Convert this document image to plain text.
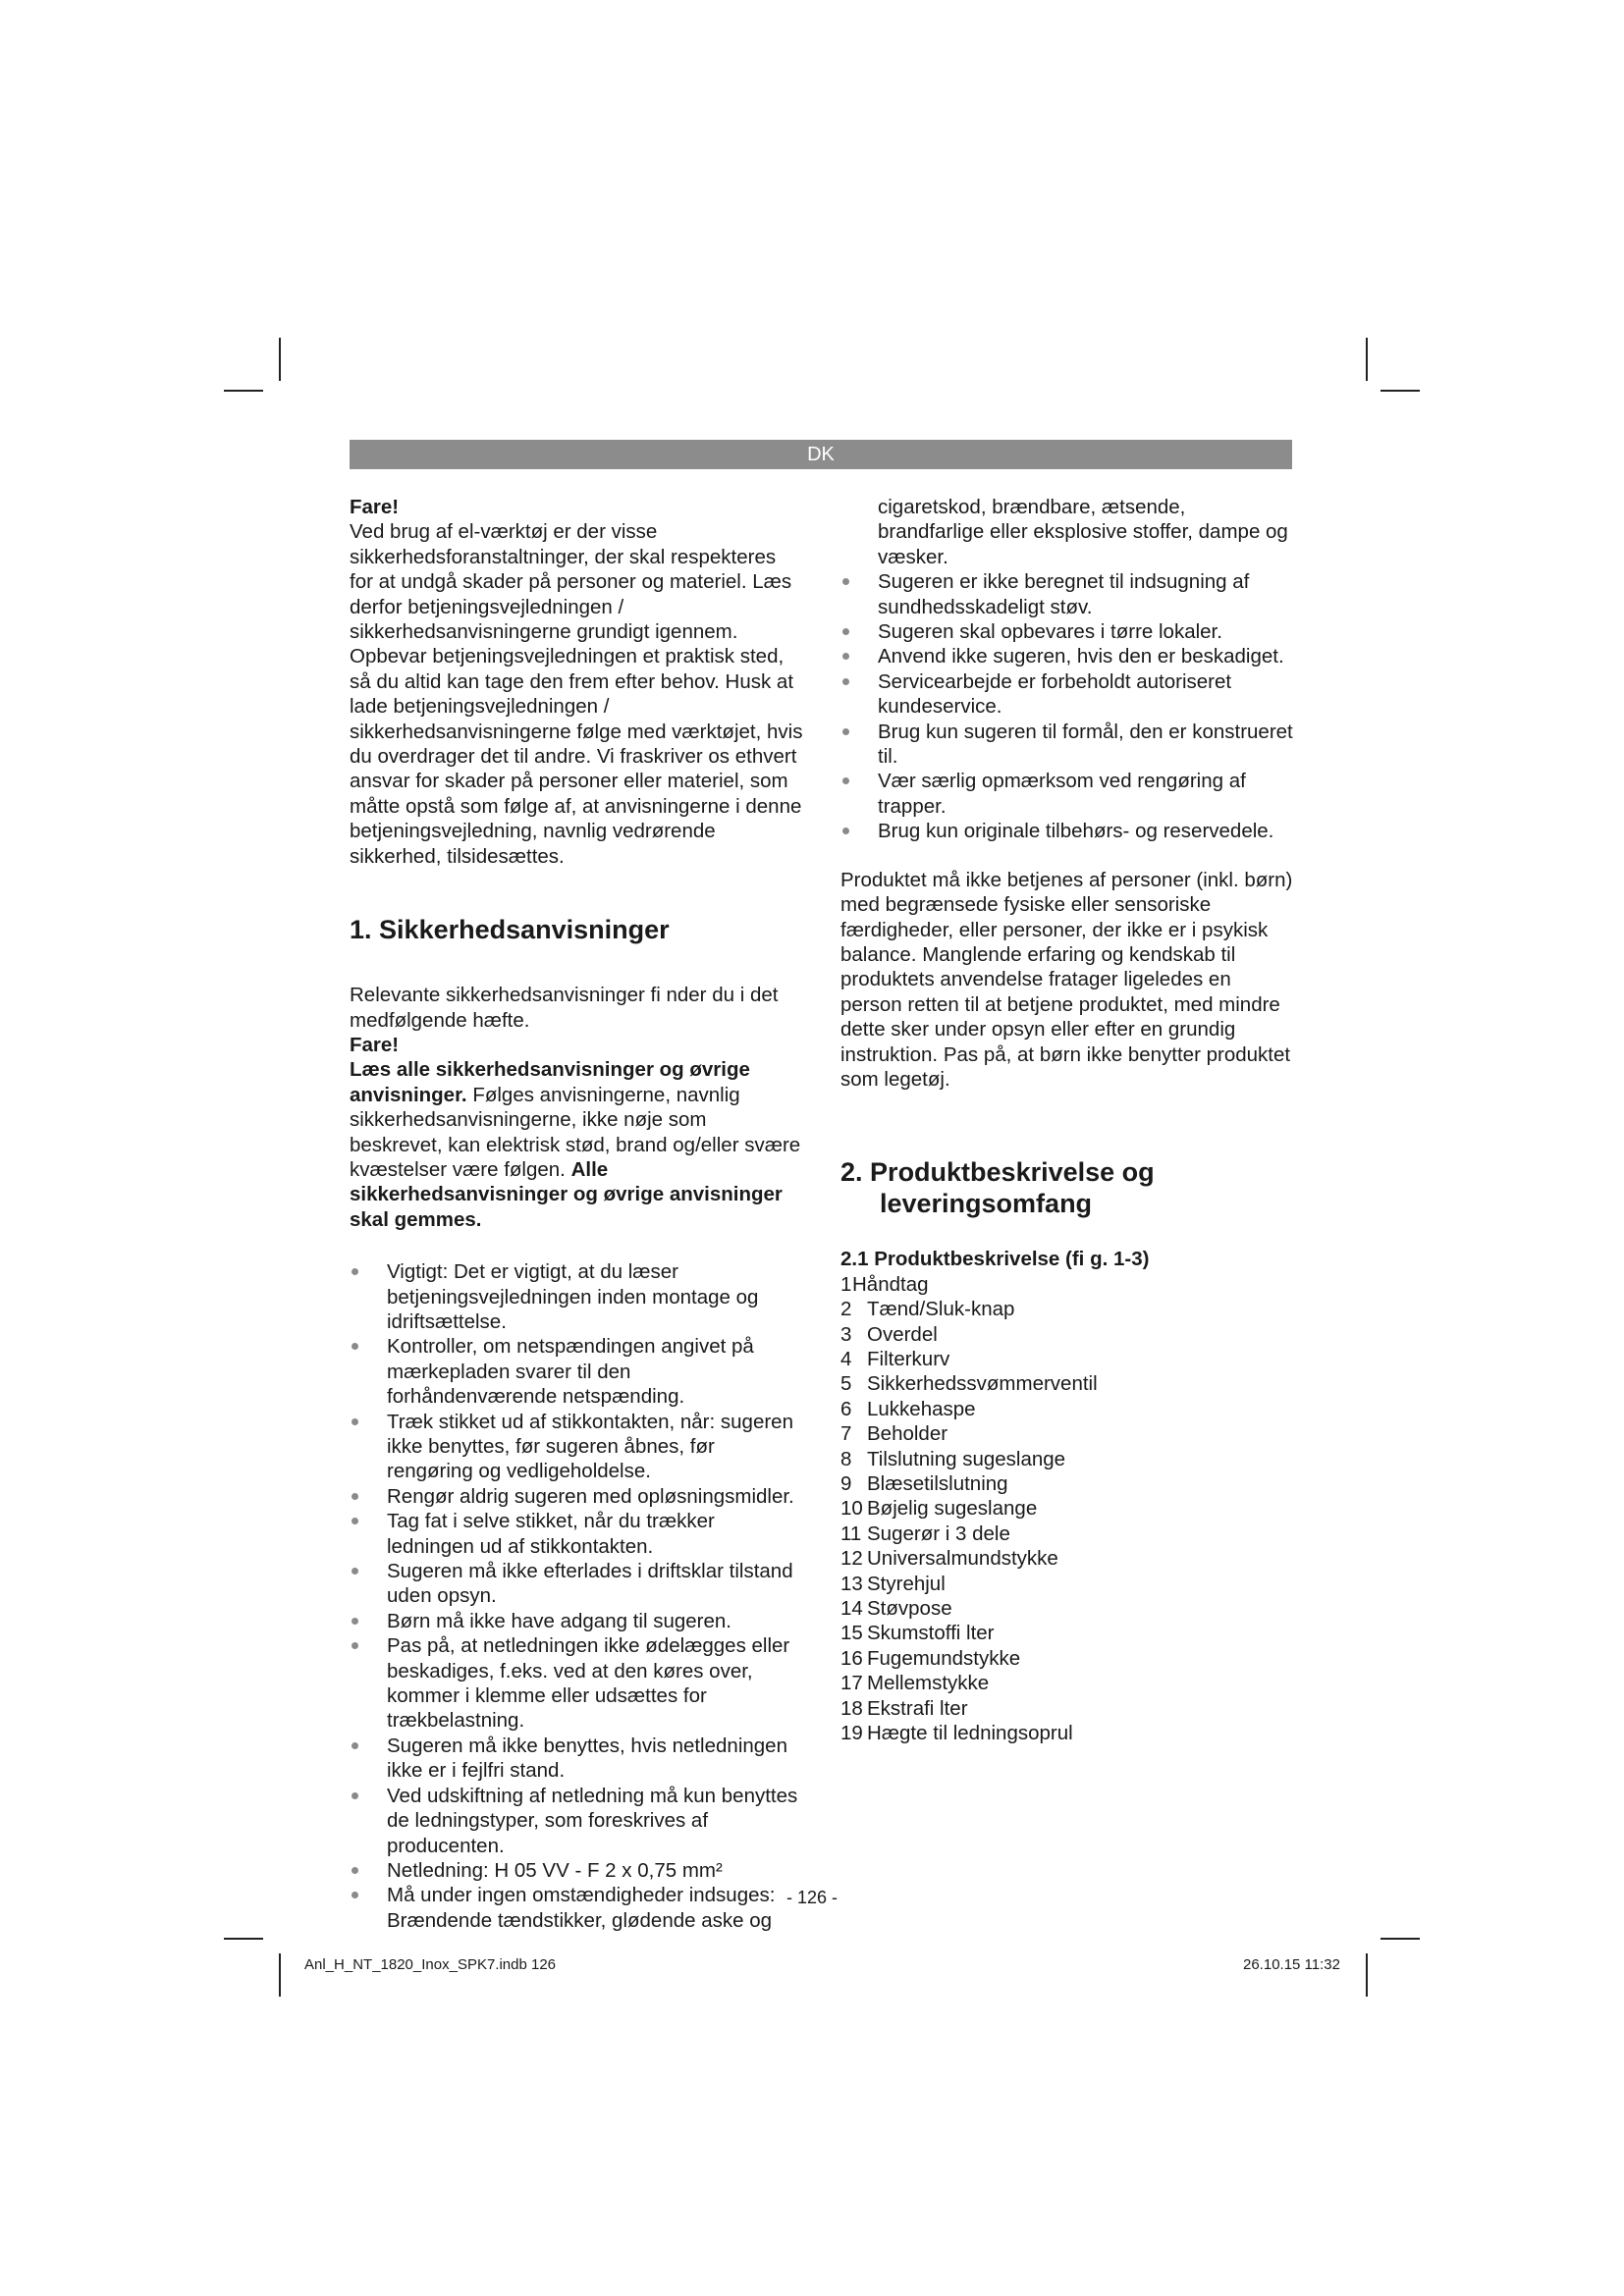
DK

Fare!

Ved brug af el-værktøj er der visse sikkerhedsforanstaltninger, der skal respekteres for at undgå skader på personer og materiel. Læs derfor betjeningsvejledningen / sikkerhedsanvisningerne grundigt igennem. Opbevar betjeningsvejledningen et praktisk sted, så du altid kan tage den frem efter behov. Husk at lade betjeningsvejledningen / sikkerhedsanvisningerne følge med værktøjet, hvis du overdrager det til andre. Vi fraskriver os ethvert ansvar for skader på personer eller materiel, som måtte opstå som følge af, at anvisningerne i denne betjeningsvejledning, navnlig vedrørende sikkerhed, tilsidesættes.

1. Sikkerhedsanvisninger

Relevante sikkerhedsanvisninger fi nder du i det medfølgende hæfte.

Fare!

Læs alle sikkerhedsanvisninger og øvrige anvisninger. Følges anvisningerne, navnlig sikkerhedsanvisningerne, ikke nøje som beskrevet, kan elektrisk stød, brand og/eller svære kvæstelser være følgen. Alle sikkerhedsanvisninger og øvrige anvisninger skal gemmes.

Vigtigt: Det er vigtigt, at du læser betjeningsvejledningen inden montage og idriftsættelse.
Kontroller, om netspændingen angivet på mærkepladen svarer til den forhåndenværende netspænding.
Træk stikket ud af stikkontakten, når: sugeren ikke benyttes, før sugeren åbnes, før rengøring og vedligeholdelse.
Rengør aldrig sugeren med opløsningsmidler.
Tag fat i selve stikket, når du trækker ledningen ud af stikkontakten.
Sugeren må ikke efterlades i driftsklar tilstand uden opsyn.
Børn må ikke have adgang til sugeren.
Pas på, at netledningen ikke ødelægges eller beskadiges, f.eks. ved at den køres over, kommer i klemme eller udsættes for trækbelastning.
Sugeren må ikke benyttes, hvis netledningen ikke er i fejlfri stand.
Ved udskiftning af netledning må kun benyttes de ledningstyper, som foreskrives af producenten.
Netledning: H 05 VV - F 2 x 0,75 mm²
Må under ingen omstændigheder indsuges: Brændende tændstikker, glødende aske og

cigaretskod, brændbare, ætsende, brandfarlige eller eksplosive stoffer, dampe og væsker.

Sugeren er ikke beregnet til indsugning af sundhedsskadeligt støv.
Sugeren skal opbevares i tørre lokaler.
Anvend ikke sugeren, hvis den er beskadiget.
Servicearbejde er forbeholdt autoriseret kundeservice.
Brug kun sugeren til formål, den er konstrueret til.
Vær særlig opmærksom ved rengøring af trapper.
Brug kun originale tilbehørs- og reservedele.

Produktet må ikke betjenes af personer (inkl. børn) med begrænsede fysiske eller sensoriske færdigheder, eller personer, der ikke er i psykisk balance. Manglende erfaring og kendskab til produktets anvendelse fratager ligeledes en person retten til at betjene produktet, med mindre dette sker under opsyn eller efter en grundig instruktion. Pas på, at børn ikke benytter produktet som legetøj.

2. Produktbeskrivelse og
leveringsomfang

2.1 Produktbeskrivelse (fi g. 1-3)

1 Håndtag
2 Tænd/Sluk-knap
3 Overdel
4 Filterkurv
5 Sikkerhedssvømmerventil
6 Lukkehaspe
7 Beholder
8 Tilslutning sugeslange
9 Blæsetilslutning
10 Bøjelig sugeslange
11 Sugerør i 3 dele
12 Universalmundstykke
13 Styrehjul
14 Støvpose
15 Skumstoffi lter
16 Fugemundstykke
17 Mellemstykke
18 Ekstrafi lter
19 Hægte til ledningsoprul
- 126 -
Anl_H_NT_1820_Inox_SPK7.indb 126	26.10.15 11:32
